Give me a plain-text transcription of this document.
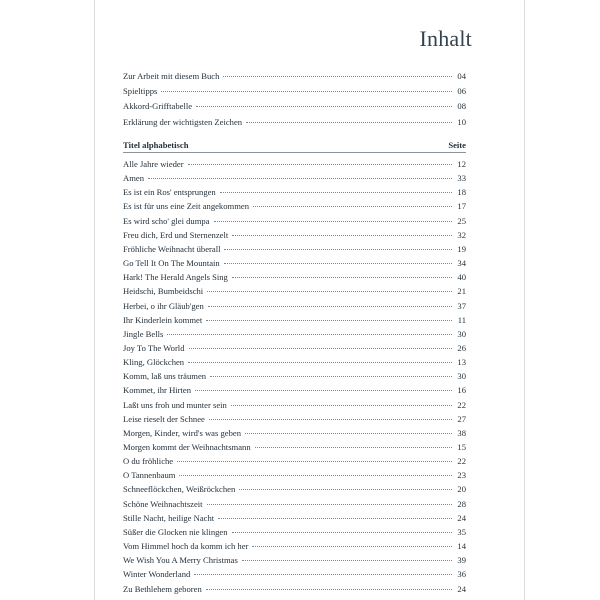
Inhalt
Zur Arbeit mit diesem Buch	04
Spieltipps	06
Akkord-Grifftabelle	08
Erklärung der wichtigsten Zeichen	10
Titel alphabetisch	Seite
Alle Jahre wieder	12
Amen	33
Es ist ein Ros' entsprungen	18
Es ist für uns eine Zeit angekommen	17
Es wird scho' glei dumpa	25
Freu dich, Erd und Sternenzelt	32
Fröhliche Weihnacht überall	19
Go Tell It On The Mountain	34
Hark! The Herald Angels Sing	40
Heidschi, Bumbeidschi	21
Herbei, o ihr Gläub'gen	37
Ihr Kinderlein kommet	11
Jingle Bells	30
Joy To The World	26
Kling, Glöckchen	13
Komm, laß uns träumen	30
Kommet, ihr Hirten	16
Laßt uns froh und munter sein	22
Leise rieselt der Schnee	27
Morgen, Kinder, wird's was geben	38
Morgen kommt der Weihnachtsmann	15
O du fröhliche	22
O Tannenbaum	23
Schneeflöckchen, Weißröckchen	20
Schöne Weihnachtszeit	28
Stille Nacht, heilige Nacht	24
Süßer die Glocken nie klingen	35
Vom Himmel hoch da komm ich her	14
We Wish You A Merry Christmas	39
Winter Wonderland	36
Zu Bethlehem geboren	24
